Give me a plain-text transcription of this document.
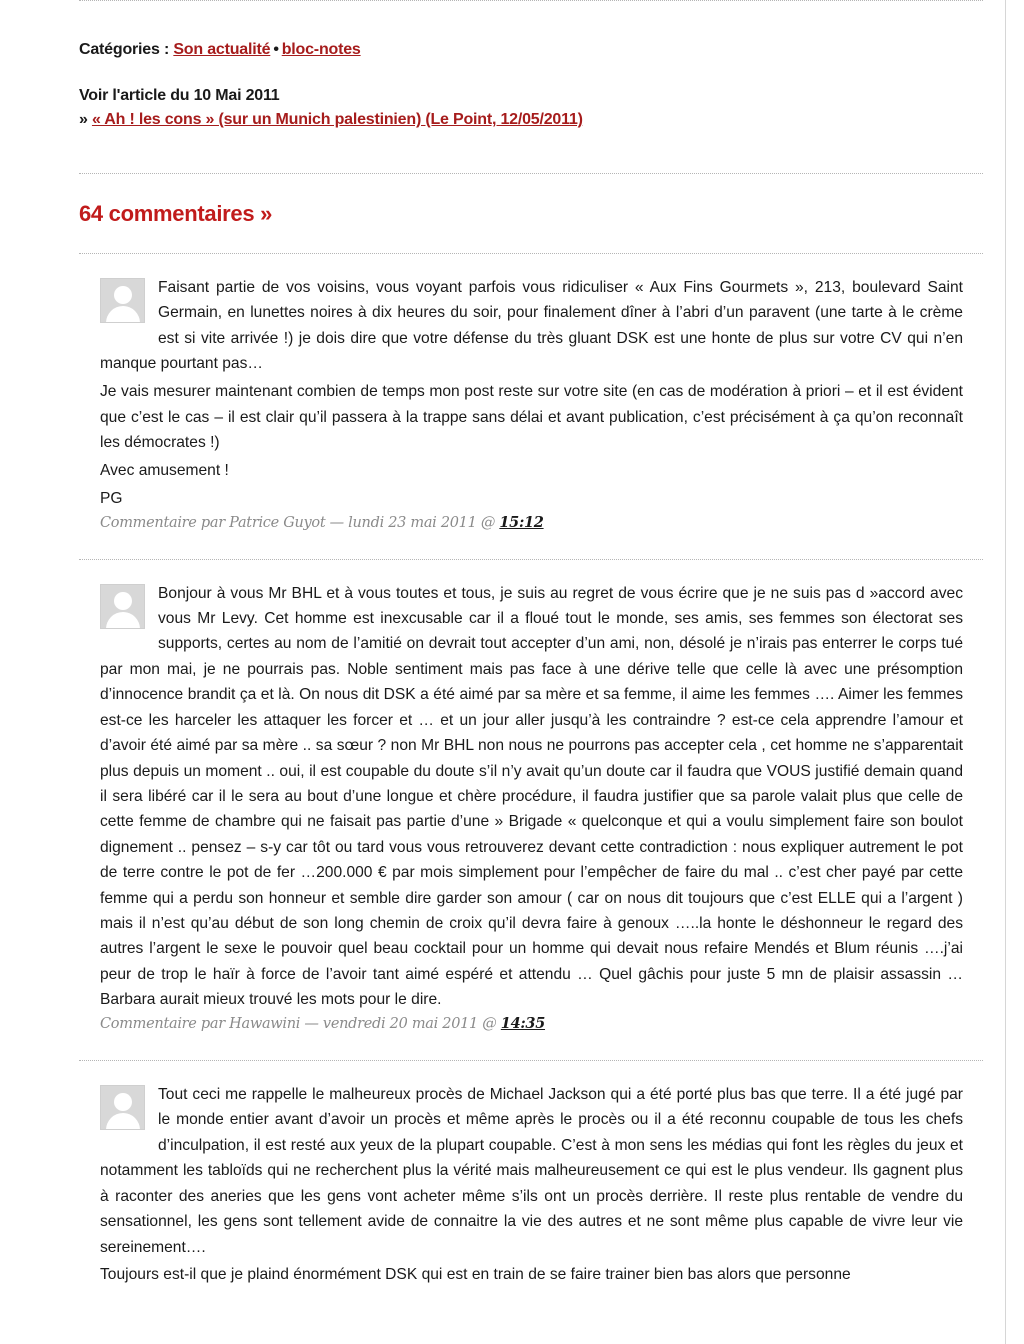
Catégories : Son actualité • bloc-notes
Voir l'article du 10 Mai 2011
» « Ah ! les cons » (sur un Munich palestinien) (Le Point, 12/05/2011)
64 commentaires »

Faisant partie de vos voisins, vous voyant parfois vous ridiculiser « Aux Fins Gourmets », 213, boulevard Saint Germain, en lunettes noires à dix heures du soir, pour finalement dîner à l’abri d’un paravent (une tarte à le crème est si vite arrivée !) je dois dire que votre défense du très gluant DSK est une honte de plus sur votre CV qui n’en manque pourtant pas…

Je vais mesurer maintenant combien de temps mon post reste sur votre site (en cas de modération à priori – et il est évident que c’est le cas – il est clair qu’il passera à la trappe sans délai et avant publication, c’est précisément à ça qu’on reconnaît les démocrates !)

Avec amusement !

PG

Commentaire par Patrice Guyot — lundi 23 mai 2011 @ 15:12

Bonjour à vous Mr BHL et à vous toutes et tous, je suis au regret de vous écrire que je ne suis pas d »accord avec vous Mr Levy. Cet homme est inexcusable car il a floué tout le monde, ses amis, ses femmes son électorat ses supports, certes au nom de l’amitié on devrait tout accepter d’un ami, non, désolé je n’irais pas enterrer le corps tué par mon mai, je ne pourrais pas. Noble sentiment mais pas face à une dérive telle que celle là avec une présomption d’innocence brandit ça et là. On nous dit DSK a été aimé par sa mère et sa femme, il aime les femmes …. Aimer les femmes est-ce les harceler les attaquer les forcer et … et un jour aller jusqu’à les contraindre ? est-ce cela apprendre l’amour et d’avoir été aimé par sa mère .. sa sœur ? non Mr BHL non nous ne pourrons pas accepter cela , cet homme ne s’apparentait plus depuis un moment .. oui, il est coupable du doute s’il n’y avait qu’un doute car il faudra que VOUS justifié demain quand il sera libéré car il le sera au bout d’une longue et chère procédure, il faudra justifier que sa parole valait plus que celle de cette femme de chambre qui ne faisait pas partie d’une » Brigade « quelconque et qui a voulu simplement faire son boulot dignement .. pensez – s-y car tôt ou tard vous vous retrouverez devant cette contradiction : nous expliquer autrement le pot de terre contre le pot de fer …200.000 € par mois simplement pour l’empêcher de faire du mal .. c’est cher payé par cette femme qui a perdu son honneur et semble dire garder son amour ( car on nous dit toujours que c’est ELLE qui a l’argent ) mais il n’est qu’au début de son long chemin de croix qu’il devra faire à genoux …..la honte le déshonneur le regard des autres l’argent le sexe le pouvoir quel beau cocktail pour un homme qui devait nous refaire Mendés et Blum réunis ….j’ai peur de trop le haïr à force de l’avoir tant aimé espéré et attendu … Quel gâchis pour juste 5 mn de plaisir assassin … Barbara aurait mieux trouvé les mots pour le dire.

Commentaire par Hawawini — vendredi 20 mai 2011 @ 14:35

Tout ceci me rappelle le malheureux procès de Michael Jackson qui a été porté plus bas que terre. Il a été jugé par le monde entier avant d’avoir un procès et même après le procès ou il a été reconnu coupable de tous les chefs d’inculpation, il est resté aux yeux de la plupart coupable. C’est à mon sens les médias qui font les règles du jeux et notamment les tabloïds qui ne recherchent plus la vérité mais malheureusement ce qui est le plus vendeur. Ils gagnent plus à raconter des aneries que les gens vont acheter même s’ils ont un procès derrière. Il reste plus rentable de vendre du sensationnel, les gens sont tellement avide de connaitre la vie des autres et ne sont même plus capable de vivre leur vie sereinement….

Toujours est-il que je plaind énormément DSK qui est en train de se faire trainer bien bas alors que personne
